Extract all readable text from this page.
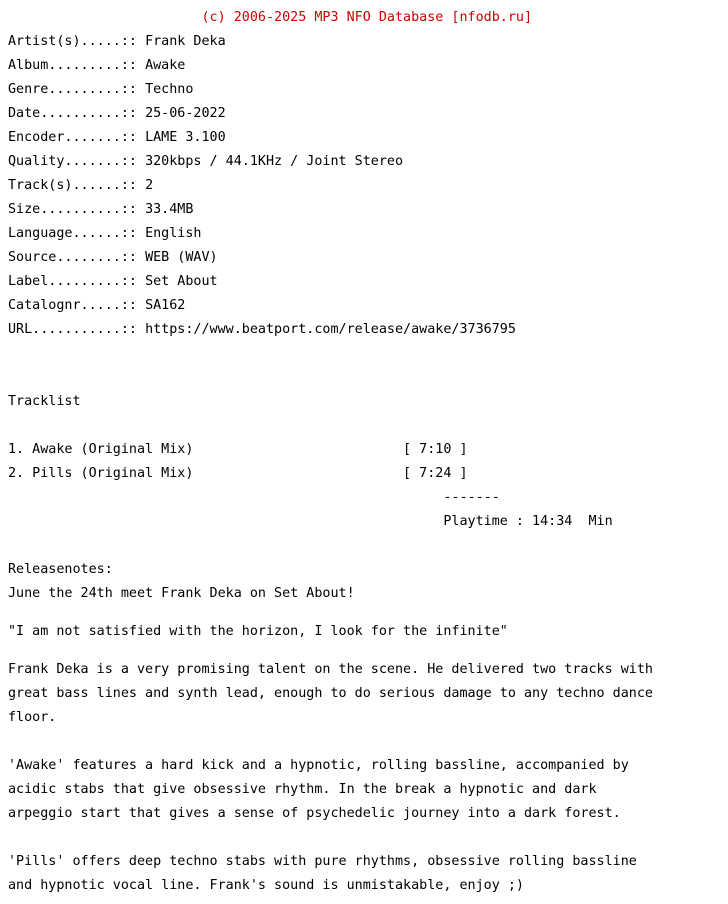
(c) 2006-2025 MP3 NFO Database [nfodb.ru]

Artist(s).....:: Frank Deka

Album.........:: Awake

Genre.........:: Techno

Date..........:: 25-06-2022

Encoder.......:: LAME 3.100

Quality.......:: 320kbps / 44.1KHz / Joint Stereo

Track(s)......:: 2

Size..........:: 33.4MB

Language......:: English

Source........:: WEB (WAV)

Label.........:: Set About

Catalognr.....:: SA162

URL...........:: https://www.beatport.com/release/awake/3736795

Tracklist

1. Awake (Original Mix)	[ 7:10 ]

2. Pills (Original Mix)	[ 7:24 ]

-------

Playtime : 14:34  Min

Releasenotes:

June the 24th meet Frank Deka on Set About!

"I am not satisfied with the horizon, I look for the infinite"

Frank Deka is a very promising talent on the scene. He delivered two tracks with

great bass lines and synth lead, enough to do serious damage to any techno dance

floor.

'Awake' features a hard kick and a hypnotic, rolling bassline, accompanied by

acidic stabs that give obsessive rhythm. In the break a hypnotic and dark

arpeggio start that gives a sense of psychedelic journey into a dark forest.

'Pills' offers deep techno stabs with pure rhythms, obsessive rolling bassline

and hypnotic vocal line. Frank's sound is unmistakable, enjoy ;)
